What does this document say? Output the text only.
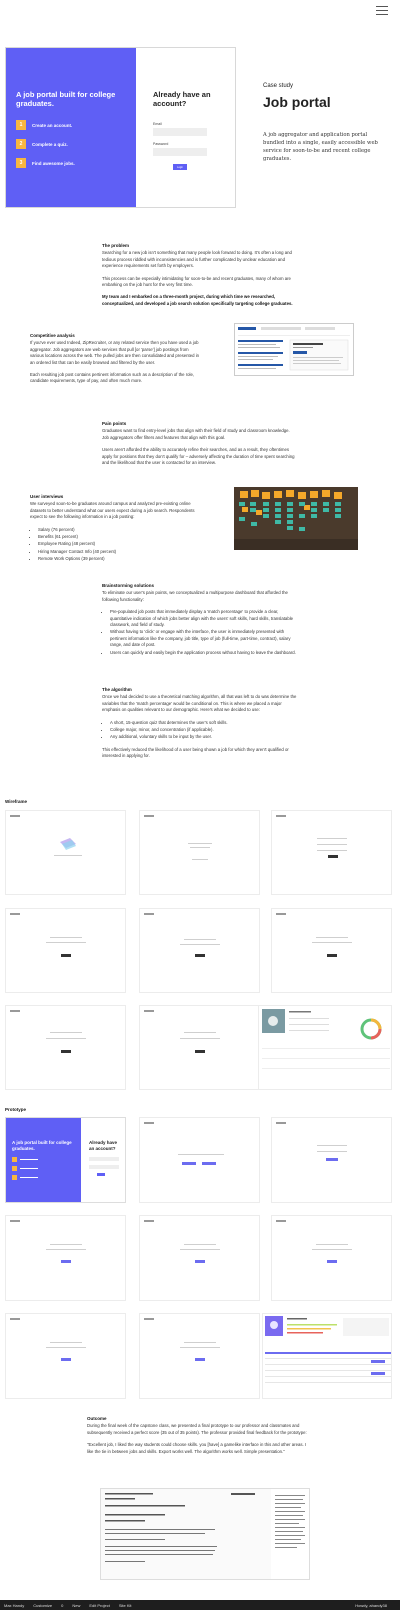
A job portal built for college graduates.
1	Create an account.
2	Complete a quiz.
3	Find awesome jobs.
Already have an account?
Email
Password
Login
Case study
Job portal
A job aggregator and application portal bundled into a single, easily accessible web service for soon-to-be and recent college graduates.
The problem

Searching for a new job isn't something that many people look forward to doing. It's often a long and tedious process riddled with inconsistencies and is further complicated by unclear education and experience requirements set forth by employers.

This process can be especially intimidating for soon-to-be and recent graduates, many of whom are embarking on the job hunt for the very first time.

My team and I embarked on a three-month project, during which time we researched, conceptualized, and developed a job search solution specifically targeting college graduates.

Competitive analysis

If you've ever used Indeed, ZipRecruiter, or any related service then you have used a job aggregator. Job aggregators are web services that pull [or 'parse'] job postings from various locations across the web. The pulled jobs are then consolidated and presented in an ordered list that can be easily browsed and filtered by the user.

Each resulting job post contains pertinent information such as a description of the role, candidate requirements, type of pay, and often much more.

Pain points

Graduates want to find entry-level jobs that align with their field of study and classroom knowledge. Job aggregators offer filters and features that align with this goal.

Users aren't afforded the ability to accurately refine their searches, and as a result, they oftentimes apply for positions that they don't qualify for – adversely affecting the duration of time spent searching and the likelihood that the user is contacted for an interview.

User interviews

We surveyed soon-to-be graduates around campus and analyzed pre-existing online datasets to better understand what our users expect during a job search. Respondents expect to see the following information in a job posting:

• Salary (76 percent)
• Benefits (61 percent)
• Employee Rating (48 percent)
• Hiring Manager Contact Info (40 percent)
• Remote Work Options (39 percent)
Brainstorming solutions

To eliminate our user's pain points, we conceptualized a multipurpose dashboard that afforded the following functionality:

• Pre-populated job posts that immediately display a 'match percentage' to provide a clear, quantitative indication of which jobs better align with the users' soft skills, hard skills, translatable classwork, and field of study.
• Without having to 'click' or engage with the interface, the user is immediately presented with pertinent information like the company, job title, type of job (full-time, part-time, contract), salary range, and date of post.
• Users can quickly and easily begin the application process without having to leave the dashboard.
The algorithm

Once we had decided to use a theoretical matching algorithm, all that was left to do was determine the variables that the 'match percentage' would be conditional on. This is where we placed a major emphasis on qualities relevant to our demographic. Here's what we decided to use:

• A short, 15-question quiz that determines the user's soft skills.
• College major, minor, and concentration (if applicable).
• Any additional, voluntary skills to be input by the user.

This effectively reduced the likelihood of a user being shown a job for which they aren't qualified or interested in applying for.

Wireframe
Prototype
A job portal built for college graduates.
Already have an account?
Outcome

During the final week of the capstone class, we presented a final prototype to our professor and classmates and subsequently received a perfect score (35 out of 35 points). The professor provided final feedback for the prototype:

"Excellent job, I liked the way students could choose skills. you [have] a gamelike interface in this and other areas. I like the tie in between jobs and skills. Export works well. The algorithm works well. Simple presentation."

Max Handy Customize 0 New Edit Project Site Kit	Howdy, ahandy38
